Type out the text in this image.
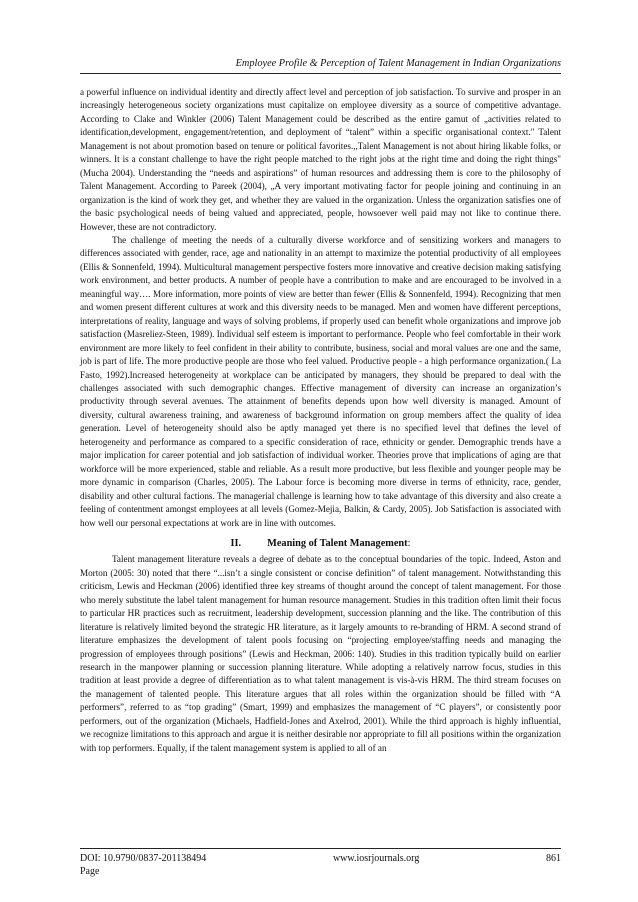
Employee Profile & Perception of Talent Management in Indian Organizations

a powerful influence on individual identity and directly affect level and perception of job satisfaction. To survive and prosper in an increasingly heterogeneous society organizations must capitalize on employee diversity as a source of competitive advantage. According to Clake and Winkler (2006) Talent Management could be described as the entire gamut of „activities related to identification,development, engagement/retention, and deployment of “talent” within a specific organisational context." Talent Management is not about promotion based on tenure or political favorites.,,Talent Management is not about hiring likable folks, or winners. It is a constant challenge to have the right people matched to the right jobs at the right time and doing the right things"(Mucha 2004). Understanding the “needs and aspirations” of human resources and addressing them is core to the philosophy of Talent Management. According to Pareek (2004), „A very important motivating factor for people joining and continuing in an organization is the kind of work they get, and whether they are valued in the organization. Unless the organization satisfies one of the basic psychological needs of being valued and appreciated, people, howsoever well paid may not like to continue there. However, these are not contradictory.

The challenge of meeting the needs of a culturally diverse workforce and of sensitizing workers and managers to differences associated with gender, race, age and nationality in an attempt to maximize the potential productivity of all employees (Ellis & Sonnenfeld, 1994). Multicultural management perspective fosters more innovative and creative decision making satisfying work environment, and better products. A number of people have a contribution to make and are encouraged to be involved in a meaningful way…. More information, more points of view are better than fewer (Ellis & Sonnenfeld, 1994). Recognizing that men and women present different cultures at work and this diversity needs to be managed. Men and women have different perceptions, interpretations of reality, language and ways of solving problems, if properly used can benefit whole organizations and improve job satisfaction (Masreliez-Steen, 1989). Individual self esteem is important to performance. People who feel comfortable in their work environment are more likely to feel confident in their ability to contribute, business, social and moral values are one and the same, job is part of life. The more productive people are those who feel valued. Productive people - a high performance organization.( La Fasto, 1992).Increased heterogeneity at workplace can be anticipated by managers, they should be prepared to deal with the challenges associated with such demographic changes. Effective management of diversity can increase an organization’s productivity through several avenues. The attainment of benefits depends upon how well diversity is managed. Amount of diversity, cultural awareness training, and awareness of background information on group members affect the quality of idea generation. Level of heterogeneity should also be aptly managed yet there is no specified level that defines the level of heterogeneity and performance as compared to a specific consideration of race, ethnicity or gender. Demographic trends have a major implication for career potential and job satisfaction of individual worker. Theories prove that implications of aging are that workforce will be more experienced, stable and reliable. As a result more productive, but less flexible and younger people may be more dynamic in comparison (Charles, 2005). The Labour force is becoming more diverse in terms of ethnicity, race, gender, disability and other cultural factions. The managerial challenge is learning how to take advantage of this diversity and also create a feeling of contentment amongst employees at all levels (Gomez-Mejia, Balkin, & Cardy, 2005). Job Satisfaction is associated with how well our personal expectations at work are in line with outcomes.

II.	Meaning of Talent Management:

Talent management literature reveals a degree of debate as to the conceptual boundaries of the topic. Indeed, Aston and Morton (2005: 30) noted that there “...isn’t a single consistent or concise definition” of talent management. Notwithstanding this criticism, Lewis and Heckman (2006) identified three key streams of thought around the concept of talent management. For those who merely substitute the label talent management for human resource management. Studies in this tradition often limit their focus to particular HR practices such as recruitment, leadership development, succession planning and the like. The contribution of this literature is relatively limited beyond the strategic HR literature, as it largely amounts to re-branding of HRM. A second strand of literature emphasizes the development of talent pools focusing on “projecting employee/staffing needs and managing the progression of employees through positions” (Lewis and Heckman, 2006: 140). Studies in this tradition typically build on earlier research in the manpower planning or succession planning literature. While adopting a relatively narrow focus, studies in this tradition at least provide a degree of differentiation as to what talent management is vis-à-vis HRM. The third stream focuses on the management of talented people. This literature argues that all roles within the organization should be filled with “A performers”, referred to as “top grading” (Smart, 1999) and emphasizes the management of “C players”, or consistently poor performers, out of the organization (Michaels, Hadfield-Jones and Axelrod, 2001). While the third approach is highly influential, we recognize limitations to this approach and argue it is neither desirable nor appropriate to fill all positions within the organization with top performers. Equally, if the talent management system is applied to all of an

DOI: 10.9790/0837-201138494	www.iosrjournals.org	861
Page
